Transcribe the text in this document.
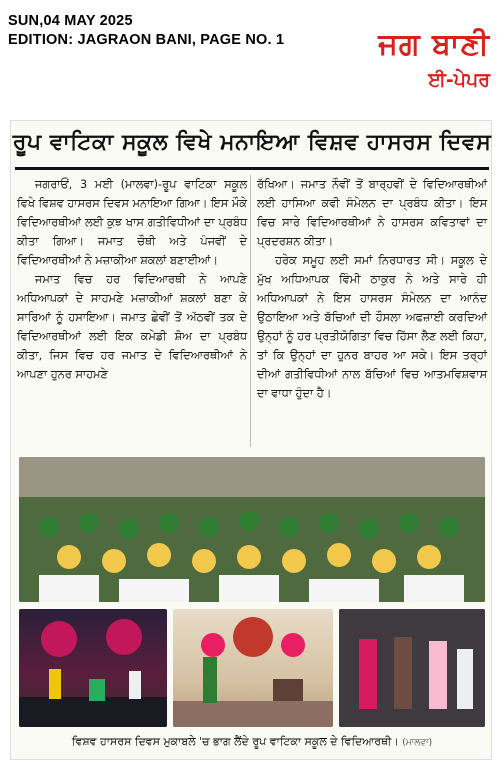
SUN,04 MAY 2025
EDITION: JAGRAON BANI, PAGE NO. 1	ਜਗ ਬਾਣੀ
ਈ-ਪੇਪਰ
ਰੂਪ ਵਾਟਿਕਾ ਸਕੂਲ ਵਿਖੇ ਮਨਾਇਆ ਵਿਸ਼ਵ ਹਾਸਰਸ ਦਿਵਸ

ਜਗਰਾਓਂ, 3 ਮਈ (ਮਾਲਵਾ)-ਰੂਪ ਵਾਟਿਕਾ ਸਕੂਲ ਵਿਖੇ ਵਿਸ਼ਵ ਹਾਸਰਸ ਦਿਵਸ ਮਨਾਇਆ ਗਿਆ। ਇਸ ਮੌਕੇ ਵਿਦਿਆਰਥੀਆਂ ਲਈ ਕੁਝ ਖਾਸ ਗਤੀਵਿਧੀਆਂ ਦਾ ਪ੍ਰਬੰਧ ਕੀਤਾ ਗਿਆ। ਜਮਾਤ ਚੌਥੀ ਅਤੇ ਪੰਜਵੀਂ ਦੇ ਵਿਦਿਆਰਥੀਆਂ ਨੇ ਮਜ਼ਾਕੀਆ ਸ਼ਕਲਾਂ ਬਣਾਈਆਂ।

ਜਮਾਤ ਵਿਚ ਹਰ ਵਿਦਿਆਰਥੀ ਨੇ ਆਪਣੇ ਅਧਿਆਪਕਾਂ ਦੇ ਸਾਹਮਣੇ ਮਜ਼ਾਕੀਆਂ ਸ਼ਕਲਾਂ ਬਣਾ ਕੇ ਸਾਰਿਆਂ ਨੂੰ ਹਸਾਇਆ। ਜਮਾਤ ਛੇਵੀਂ ਤੋਂ ਅੱਠਵੀਂ ਤਕ ਦੇ ਵਿਦਿਆਰਥੀਆਂ ਲਈ ਇਕ ਕਮੇਡੀ ਸ਼ੋਅ ਦਾ ਪ੍ਰਬੰਧ ਕੀਤਾ, ਜਿਸ ਵਿਚ ਹਰ ਜਮਾਤ ਦੇ ਵਿਦਿਆਰਥੀਆਂ ਨੇ ਆਪਣਾ ਹੁਨਰ ਸਾਹਮਣੇ

ਰੱਖਿਆ। ਜਮਾਤ ਨੌਵੀਂ ਤੋਂ ਬਾਰ੍ਹਵੀਂ ਦੇ ਵਿਦਿਆਰਥੀਆਂ ਲਈ ਹਾਸਿਆ ਕਵੀ ਸੰਮੇਲਨ ਦਾ ਪ੍ਰਬੰਧ ਕੀਤਾ। ਇਸ ਵਿਚ ਸਾਰੇ ਵਿਦਿਆਰਥੀਆਂ ਨੇ ਹਾਸਰਸ ਕਵਿਤਾਵਾਂ ਦਾ ਪ੍ਰਦਰਸ਼ਨ ਕੀਤਾ।

ਹਰੇਕ ਸਮੂਹ ਲਈ ਸਮਾਂ ਨਿਰਧਾਰਤ ਸੀ। ਸਕੂਲ ਦੇ ਮੁੱਖ ਅਧਿਆਪਕ ਵਿੰਮੀ ਠਾਕੁਰ ਨੇ ਅਤੇ ਸਾਰੇ ਹੀ ਅਧਿਆਪਕਾਂ ਨੇ ਇਸ ਹਾਸਰਸ ਸੰਮੇਲਨ ਦਾ ਆਨੰਦ ਉਠਾਇਆ ਅਤੇ ਬੱਚਿਆਂ ਦੀ ਹੌਸਲਾ ਅਫਜ਼ਾਈ ਕਰਦਿਆਂ ਉਨ੍ਹਾਂ ਨੂੰ ਹਰ ਪ੍ਰਤੀਯੋਗਿਤਾ ਵਿਚ ਹਿੱਸਾ ਲੈਣ ਲਈ ਕਿਹਾ, ਤਾਂ ਕਿ ਉਨ੍ਹਾਂ ਦਾ ਹੁਨਰ ਬਾਹਰ ਆ ਸਕੇ। ਇਸ ਤਰ੍ਹਾਂ ਦੀਆਂ ਗਤੀਵਿਧੀਆਂ ਨਾਲ ਬੱਚਿਆਂ ਵਿਚ ਆਤਮਵਿਸ਼ਵਾਸ ਦਾ ਵਾਧਾ ਹੁੰਦਾ ਹੈ।

ਵਿਸ਼ਵ ਹਾਸਰਸ ਦਿਵਸ ਮੁਕਾਬਲੇ 'ਚ ਭਾਗ ਲੈਂਦੇ ਰੂਪ ਵਾਟਿਕਾ ਸਕੂਲ ਦੇ ਵਿਦਿਆਰਥੀ। (ਮਾਲਵਾ)
